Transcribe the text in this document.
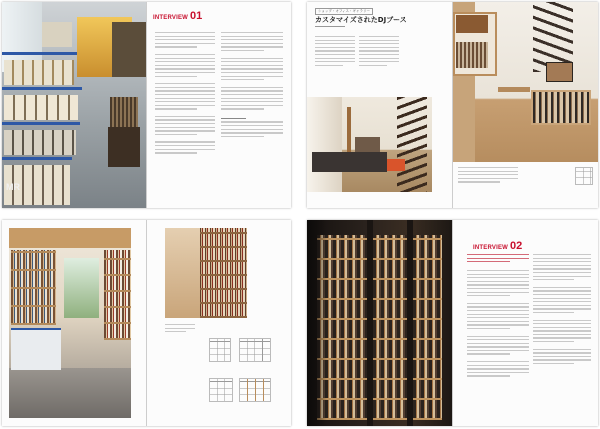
MR
INTERVIEW 01	ショップ・オフィス・ギャラリー
カスタマイズされたDJブース
INTERVIEW 02
